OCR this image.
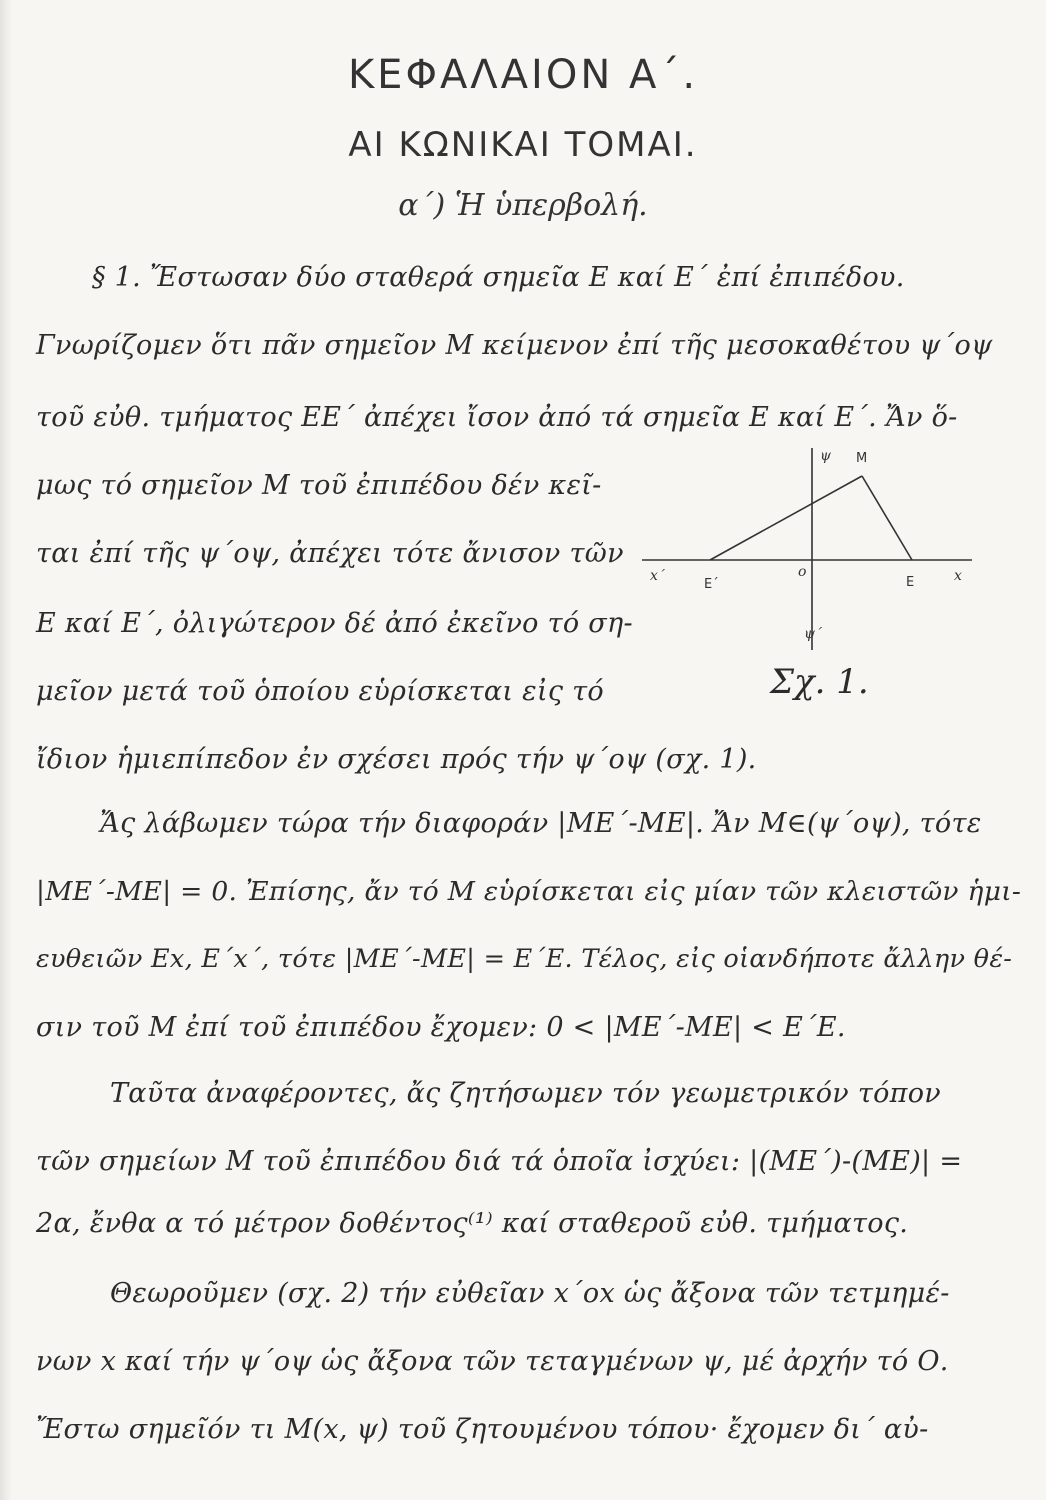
ΚΕΦΑΛΑΙΟΝ Α΄.
ΑΙ ΚΩΝΙΚΑΙ ΤΟΜΑΙ.
α΄) Ἡ ὑπερβολή.
§ 1. Ἔστωσαν δύο σταθερά σημεῖα Ε καί Ε΄ ἐπί ἐπιπέδου.
Γνωρίζομεν ὅτι πᾶν σημεῖον Μ κείμενον ἐπί τῆς μεσοκαθέτου ψ΄οψ
τοῦ εὐθ. τμήματος ΕΕ΄ ἀπέχει ἴσον ἀπό τά σημεῖα Ε καί Ε΄. Ἄν ὅ-
μως τό σημεῖον Μ τοῦ ἐπιπέδου δέν κεῖ-
ται ἐπί τῆς ψ΄οψ, ἀπέχει τότε ἄνισον τῶν
Ε καί Ε΄, ὀλιγώτερον δέ ἀπό ἐκεῖνο τό ση-
μεῖον μετά τοῦ ὁποίου εὑρίσκεται εἰς τό
ἴδιον ἡμιεπίπεδον ἐν σχέσει πρός τήν ψ΄οψ (σχ. 1).
Ἄς λάβωμεν τώρα τήν διαφοράν |ΜΕ΄-ΜΕ|. Ἄν Μ∈(ψ΄οψ), τότε
|ΜΕ΄-ΜΕ| = 0. Ἐπίσης, ἄν τό Μ εὑρίσκεται εἰς μίαν τῶν κλειστῶν ἡμι-
ευθειῶν Εx, Ε΄x΄, τότε |ΜΕ΄-ΜΕ| = Ε΄Ε. Τέλος, εἰς οἱανδήποτε ἄλλην θέ-
σιν τοῦ Μ ἐπί τοῦ ἐπιπέδου ἔχομεν: 0 < |ΜΕ΄-ΜΕ| < Ε΄Ε.
Ταῦτα ἀναφέροντες, ἄς ζητήσωμεν τόν γεωμετρικόν τόπον
τῶν σημείων Μ τοῦ ἐπιπέδου διά τά ὁποῖα ἰσχύει: |(ΜΕ΄)-(ΜΕ)| =
2α, ἔνθα α τό μέτρον δοθέντος⁽¹⁾ καί σταθεροῦ εὐθ. τμήματος.
Θεωροῦμεν (σχ. 2) τήν εὐθεῖαν x΄οx ὡς ἄξονα τῶν τετμημέ-
νων x καί τήν ψ΄οψ ὡς ἄξονα τῶν τεταγμένων ψ, μέ ἀρχήν τό Ο.
Ἔστω σημεῖόν τι Μ(x, ψ) τοῦ ζητουμένου τόπου· ἔχομεν δι΄ αὐ-
ψ Μ
x΄
Ε΄
ο
Ε	x
ψ΄
Σχ. 1.
